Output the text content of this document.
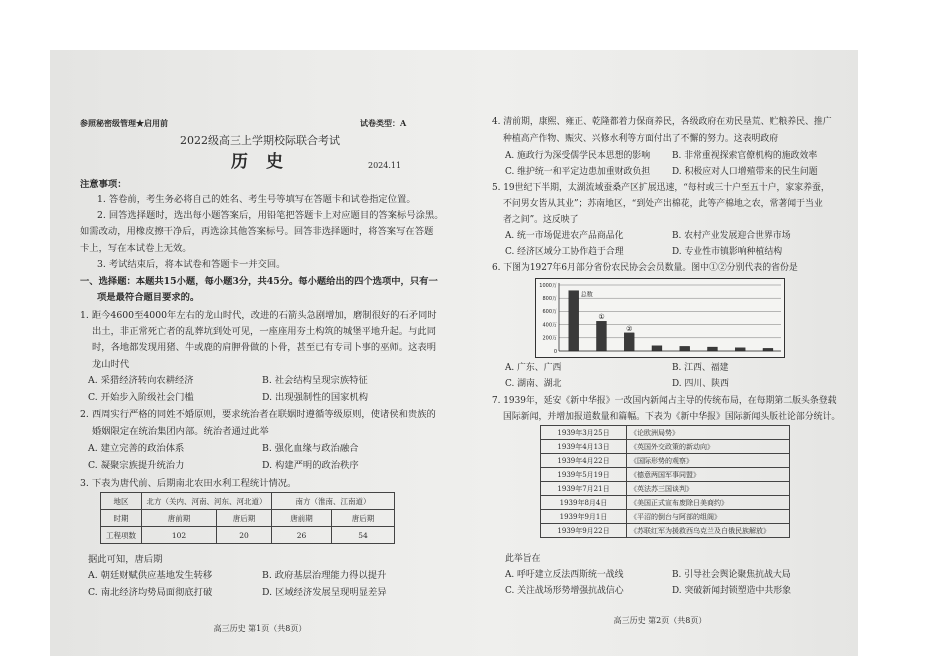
参照秘密级管理★启用前	试卷类型：A
2022级高三上学期校际联合考试
历 史	2024.11
注意事项：
1. 答卷前，考生务必将自己的姓名、考生号等填写在答题卡和试卷指定位置。
2. 回答选择题时，选出每小题答案后，用铅笔把答题卡上对应题目的答案标号涂黑。
如需改动，用橡皮擦干净后，再选涂其他答案标号。回答非选择题时，将答案写在答题
卡上，写在本试卷上无效。
3. 考试结束后，将本试卷和答题卡一并交回。
一、选择题：本题共15小题，每小题3分，共45分。每小题给出的四个选项中，只有一
项是最符合题目要求的。
1. 距今4600至4000年左右的龙山时代，改进的石箭头急剧增加，磨制很好的石矛同时
出土，非正常死亡者的乱葬坑到处可见，一座座用夯土构筑的城堡平地升起。与此同
时，各地都发现用猪、牛或鹿的肩胛骨做的卜骨，甚至已有专司卜事的巫师。这表明
龙山时代
A. 采猎经济转向农耕经济	B. 社会结构呈现宗族特征
C. 开始步入阶级社会门槛	D. 出现强制性的国家机构
2. 西周实行严格的同姓不婚原则，要求统治者在联姻时遵循等级原则，使诸侯和贵族的
婚姻限定在统治集团内部。统治者通过此举
A. 建立完善的政治体系	B. 强化血缘与政治融合
C. 凝聚宗族提升统治力	D. 构建严明的政治秩序
3. 下表为唐代前、后期南北农田水利工程统计情况。
地区	北方（关内、河南、河东、河北道）		南方（淮南、江南道）	
时期	唐前期	唐后期	唐前期	唐后期
工程项数	102	20	26	54
据此可知，唐后期
A. 朝廷财赋供应基地发生转移	B. 政府基层治理能力得以提升
C. 南北经济均势局面彻底打破	D. 区域经济发展呈现明显差异
高三历史 第1页（共8页）
4. 清前期，康熙、雍正、乾隆都着力保商养民，各级政府在劝民垦荒、贮粮养民、推广
种植高产作物、赈灾、兴修水利等方面付出了不懈的努力。这表明政府
A. 施政行为深受儒学民本思想的影响 B. 非常重视探索官僚机构的施政效率
C. 维护统一和平定边患加重财政负担 D. 积极应对人口增殖带来的民生问题
5. 19世纪下半期，太湖流域蚕桑产区扩展迅速，“每村或三十户至五十户，家家养蚕，
不问男女皆从其业”；苏南地区，“到处产出棉花，此等产棉地之农，常著闻于当业
者之间”。这反映了
A. 统一市场促进农产品商品化	B. 农村产业发展迎合世界市场
C. 经济区域分工协作趋于合理	D. 专业性市镇影响种植结构
6. 下图为1927年6月部分省份农民协会会员数量。图中①②分别代表的省份是
1000万
800万
600万
400万
200万
0
总数
①
②
A. 广东、广西	B. 江西、福建
C. 湖南、湖北	D. 四川、陕西
7. 1939年，延安《新中华报》一改国内新闻占主导的传统布局，在每期第二版头条登载
国际新闻，并增加报道数量和篇幅。下表为《新中华报》国际新闻头版社论部分统计。
1939年3月25日	《论欧洲局势》
1939年4月13日	《英国外交政策的新动向》
1939年4月22日	《国际形势的观察》
1939年5月19日	《德意两国军事同盟》
1939年7月21日	《英法苏三国谈判》
1939年8月4日	《美国正式宣布废除日美商约》
1939年9月1日	《平沼的倒台与阿部的组阁》
1939年9月22日	《苏联红军为援救西乌克兰及白俄民族解放》
此举旨在
A. 呼吁建立反法西斯统一战线	B. 引导社会舆论聚焦抗战大局
C. 关注战场形势增强抗战信心	D. 突破新闻封锁塑造中共形象
高三历史 第2页（共8页）
